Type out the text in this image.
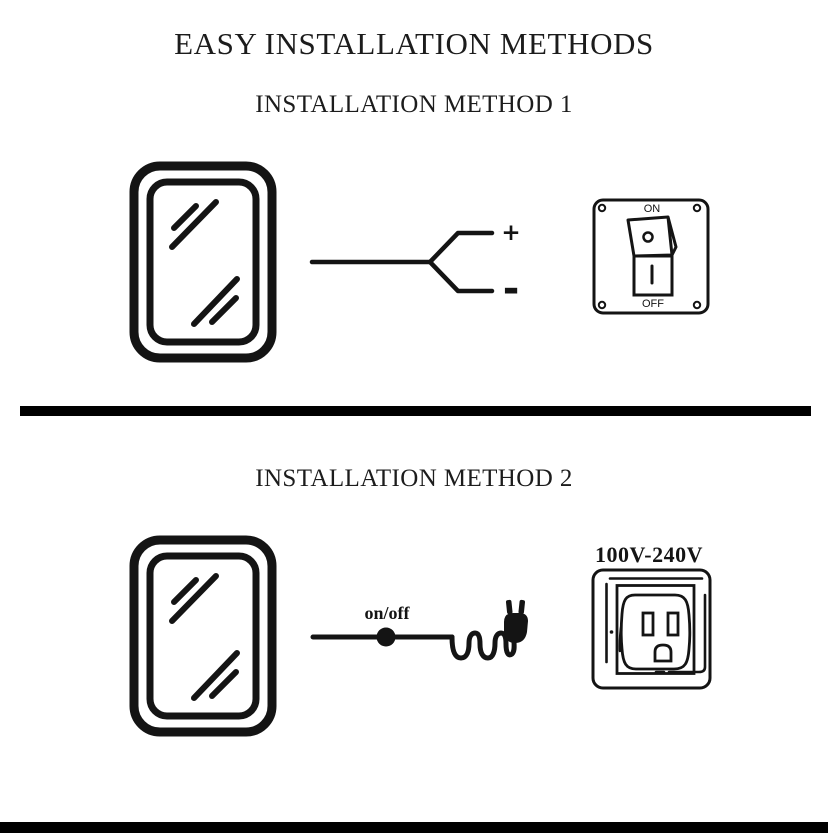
EASY INSTALLATION METHODS
INSTALLATION METHOD 1
+
-
ON
OFF
INSTALLATION METHOD 2
on/off
100V-240V
